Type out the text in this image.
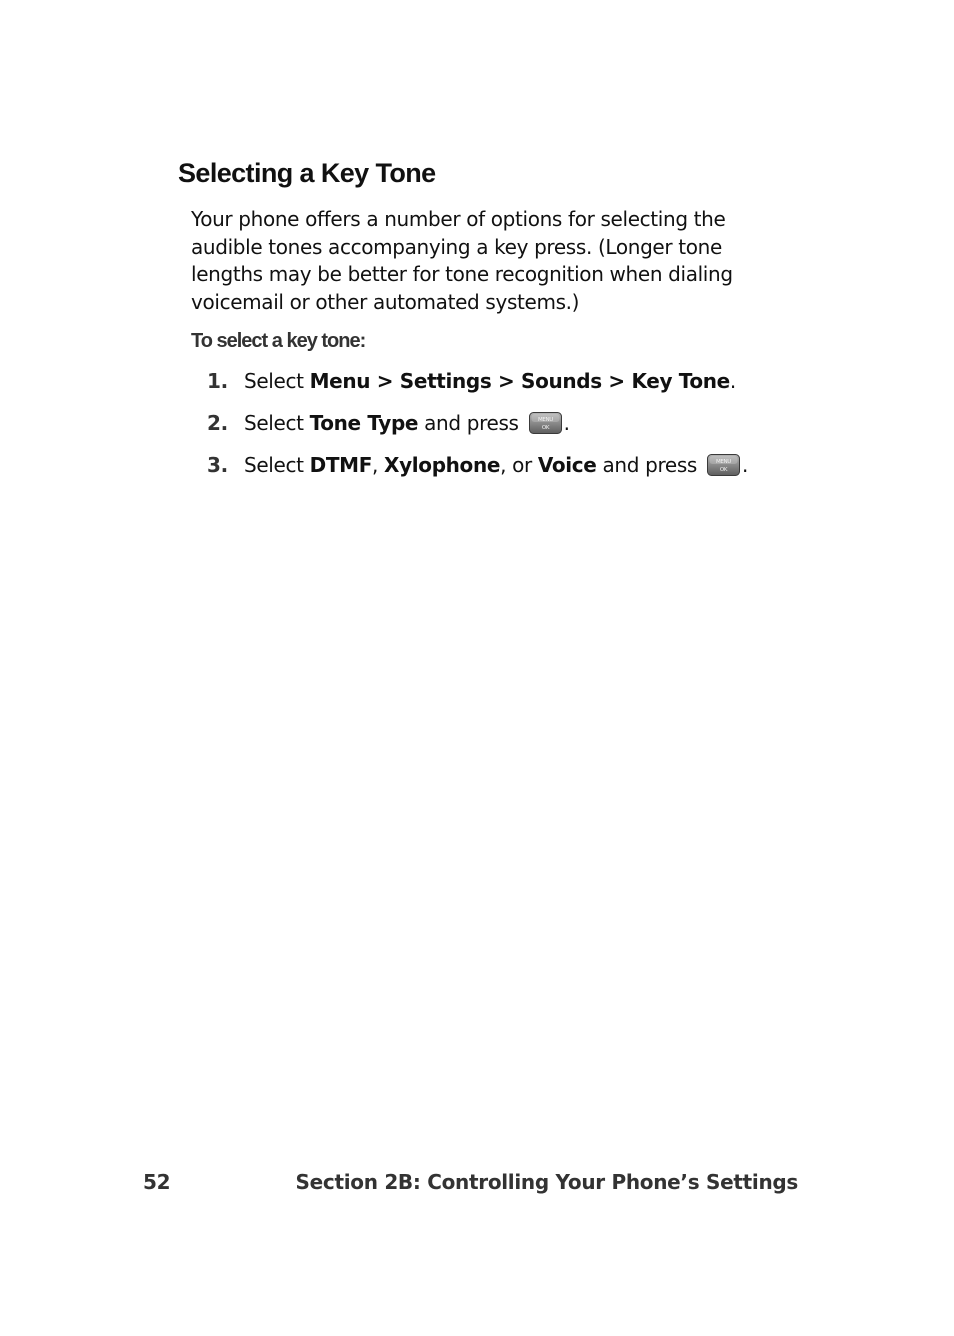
Selecting a Key Tone

Your phone offers a number of options for selecting the audible tones accompanying a key press. (Longer tone lengths may be better for tone recognition when dialing voicemail or other automated systems.)

To select a key tone:

1. Select Menu > Settings > Sounds > Key Tone.
2. Select Tone Type and press MENU
OK .
3. Select DTMF, Xylophone, or Voice and press MENU
OK .
52	Section 2B: Controlling Your Phone’s Settings
